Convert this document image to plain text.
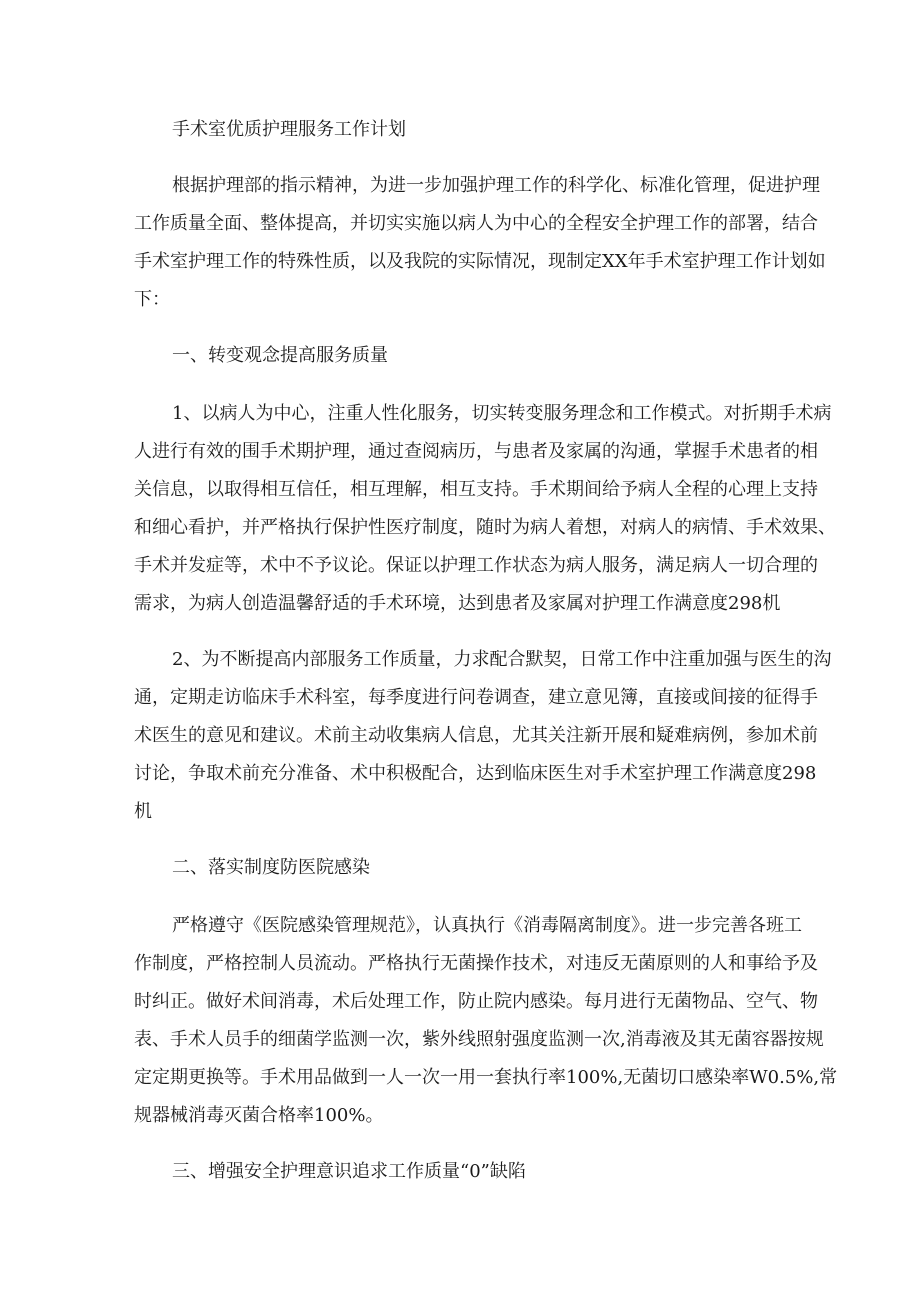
手术室优质护理服务工作计划

根据护理部的指示精神，为进一步加强护理工作的科学化、标准化管理，促进护理

工作质量全面、整体提高，并切实实施以病人为中心的全程安全护理工作的部署，结合

手术室护理工作的特殊性质，以及我院的实际情况，现制定XX年手术室护理工作计划如

下：

一、转变观念提高服务质量

1、以病人为中心，注重人性化服务，切实转变服务理念和工作模式。对折期手术病

人进行有效的围手术期护理，通过查阅病历，与患者及家属的沟通，掌握手术患者的相

关信息，以取得相互信任，相互理解，相互支持。手术期间给予病人全程的心理上支持

和细心看护，并严格执行保护性医疗制度，随时为病人着想，对病人的病情、手术效果、

手术并发症等，术中不予议论。保证以护理工作状态为病人服务，满足病人一切合理的

需求，为病人创造温馨舒适的手术环境，达到患者及家属对护理工作满意度298机

2、为不断提高内部服务工作质量，力求配合默契，日常工作中注重加强与医生的沟

通，定期走访临床手术科室，每季度进行问卷调查，建立意见簿，直接或间接的征得手

术医生的意见和建议。术前主动收集病人信息，尤其关注新开展和疑难病例，参加术前

讨论，争取术前充分准备、术中积极配合，达到临床医生对手术室护理工作满意度298

机

二、落实制度防医院感染

严格遵守《医院感染管理规范》，认真执行《消毒隔离制度》。进一步完善各班工

作制度，严格控制人员流动。严格执行无菌操作技术，对违反无菌原则的人和事给予及

时纠正。做好术间消毒，术后处理工作，防止院内感染。每月进行无菌物品、空气、物

表、手术人员手的细菌学监测一次，紫外线照射强度监测一次,消毒液及其无菌容器按规

定定期更换等。手术用品做到一人一次一用一套执行率100%,无菌切口感染率W0.5%,常

规器械消毒灭菌合格率100%。

三、增强安全护理意识追求工作质量“0”缺陷
